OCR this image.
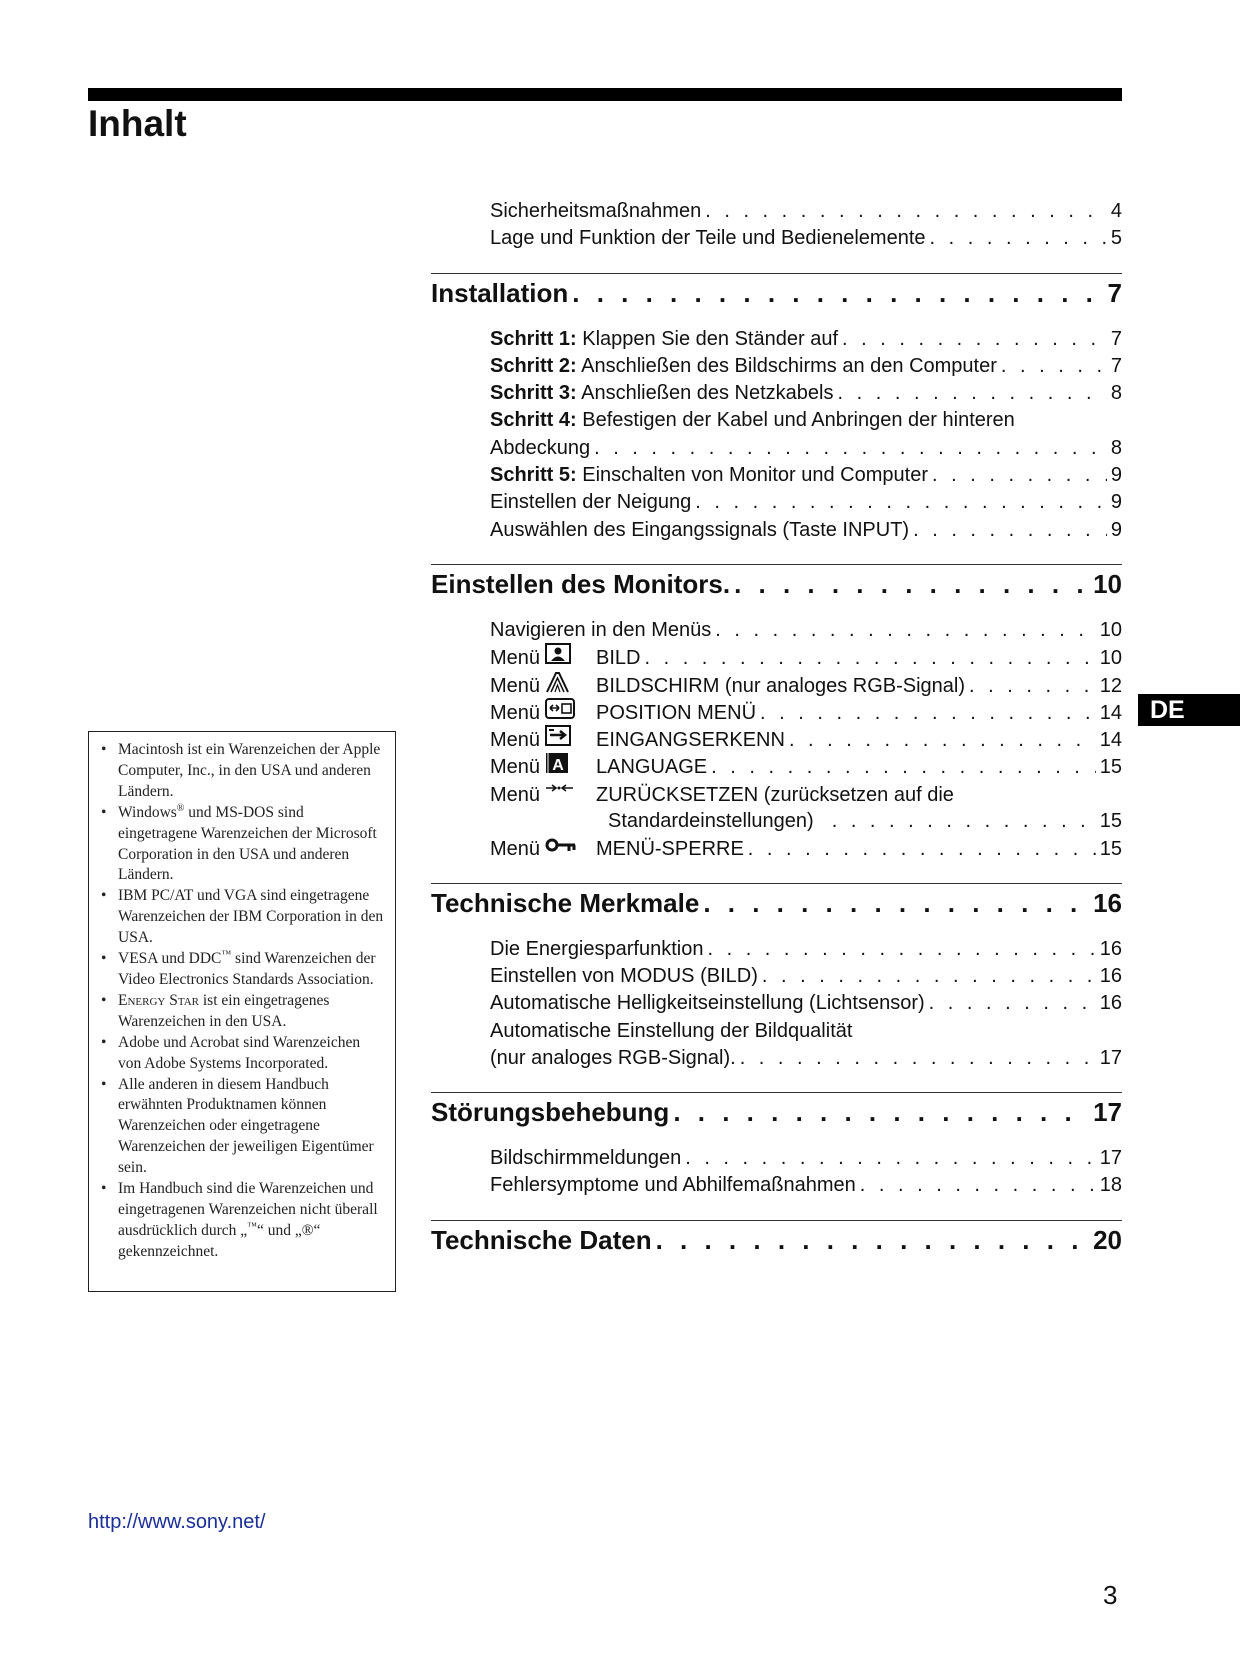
Inhalt
Sicherheitsmaßnahmen . . .	4
Lage und Funktion der Teile und Bedienelemente . . .	5
Installation . . .	7
Schritt 1: Klappen Sie den Ständer auf . . .	7
Schritt 2: Anschließen des Bildschirms an den Computer . . .	7
Schritt 3: Anschließen des Netzkabels . . .	8
Schritt 4: Befestigen der Kabel und Anbringen der hinteren
Abdeckung . . .	8
Schritt 5: Einschalten von Monitor und Computer . . .	9
Einstellen der Neigung . . .	9
Auswählen des Eingangssignals (Taste INPUT) . . .	9
Einstellen des Monitors. . . .	10
Navigieren in den Menüs . . .	10
Menü	BILD . . .	10
Menü	BILDSCHIRM (nur analoges RGB-Signal) . . .	12
Menü	POSITION MENÜ . . .	14
Menü	EINGANGSERKENN . . .	14
Menü A LANGUAGE . . .	15
Menü	ZURÜCKSETZEN (zurücksetzen auf die
Standardeinstellungen) . . .	15
Menü	MENÜ-SPERRE . . .	15
Technische Merkmale . . .	16
Die Energiesparfunktion . . .	16
Einstellen von MODUS (BILD) . . .	16
Automatische Helligkeitseinstellung (Lichtsensor) . . .	16
Automatische Einstellung der Bildqualität
(nur analoges RGB-Signal). . . .	17
Störungsbehebung . . .	17
Bildschirmmeldungen . . .	17
Fehlersymptome und Abhilfemaßnahmen . . .	18
Technische Daten . . .	20
DE
• Macintosh ist ein Warenzeichen der Apple Computer, Inc., in den USA und anderen Ländern.
• Windows® und MS-DOS sind eingetragene Warenzeichen der Microsoft Corporation in den USA und anderen Ländern.
• IBM PC/AT und VGA sind eingetragene Warenzeichen der IBM Corporation in den USA.
• VESA und DDC™ sind Warenzeichen der Video Electronics Standards Association.
• Energy Star ist ein eingetragenes Warenzeichen in den USA.
• Adobe und Acrobat sind Warenzeichen von Adobe Systems Incorporated.
• Alle anderen in diesem Handbuch erwähnten Produktnamen können Warenzeichen oder eingetragene Warenzeichen der jeweiligen Eigentümer sein.
• Im Handbuch sind die Warenzeichen und eingetragenen Warenzeichen nicht überall ausdrücklich durch „™“ und „®“ gekennzeichnet.
http://www.sony.net/
3
